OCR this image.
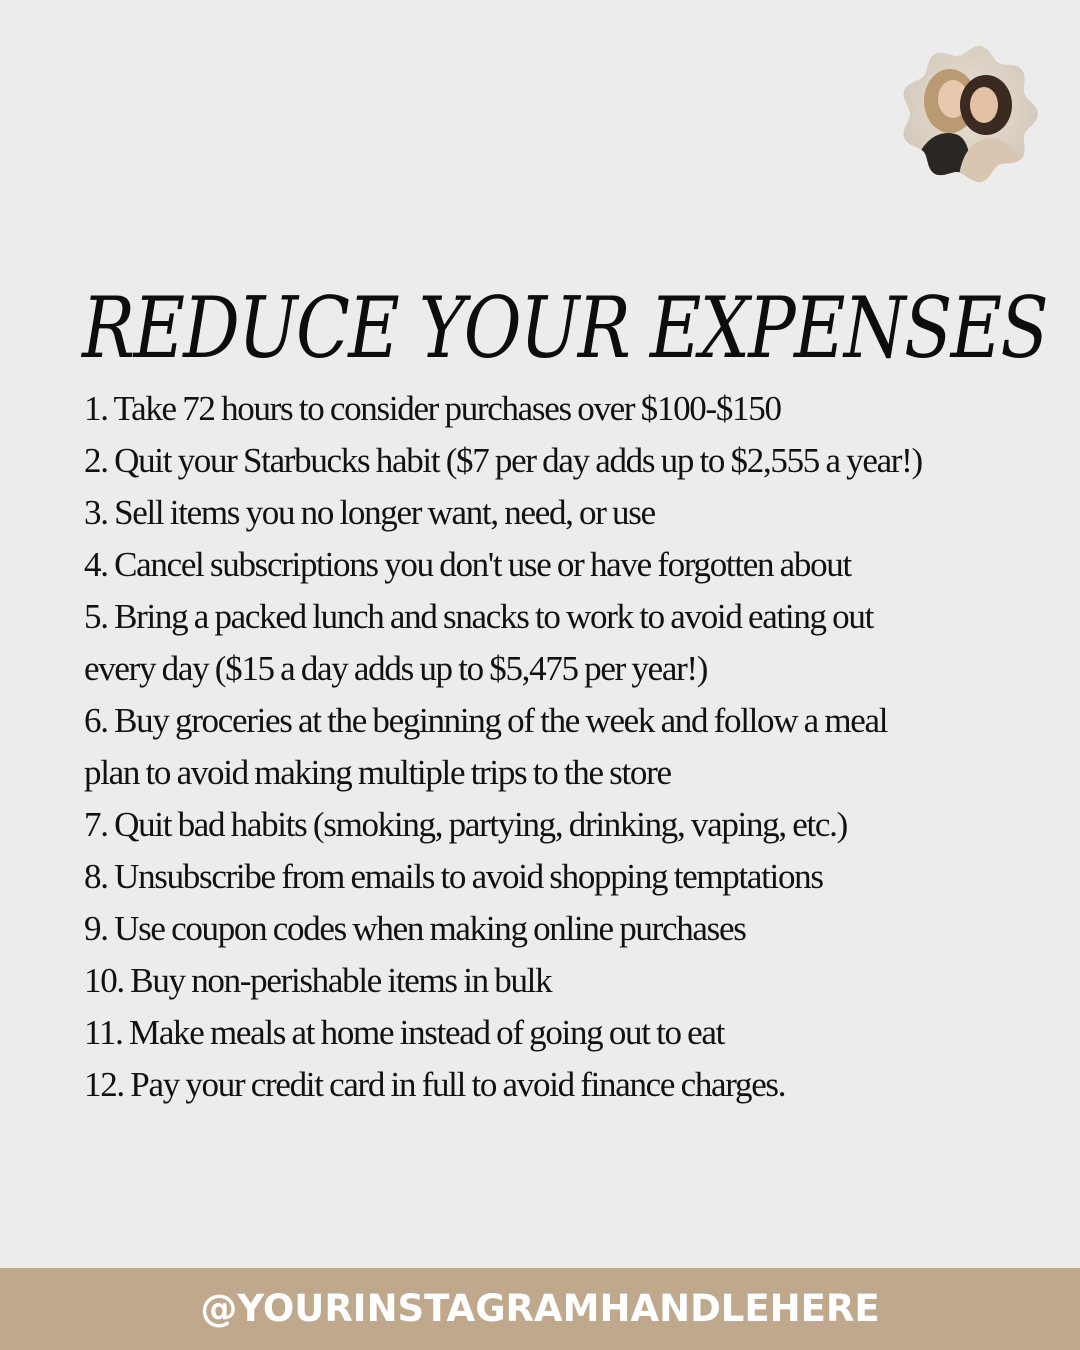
REDUCE YOUR EXPENSES
1. Take 72 hours to consider purchases over $100-$150
2. Quit your Starbucks habit ($7 per day adds up to $2,555 a year!)
3. Sell items you no longer want, need, or use
4. Cancel subscriptions you don't use or have forgotten about
5. Bring a packed lunch and snacks to work to avoid eating out
every day ($15 a day adds up to $5,475 per year!)
6. Buy groceries at the beginning of the week and follow a meal
plan to avoid making multiple trips to the store
7. Quit bad habits (smoking, partying, drinking, vaping, etc.)
8. Unsubscribe from emails to avoid shopping temptations
9. Use coupon codes when making online purchases
10. Buy non-perishable items in bulk
11. Make meals at home instead of going out to eat
12. Pay your credit card in full to avoid finance charges.

@YOURINSTAGRAMHANDLEHERE
